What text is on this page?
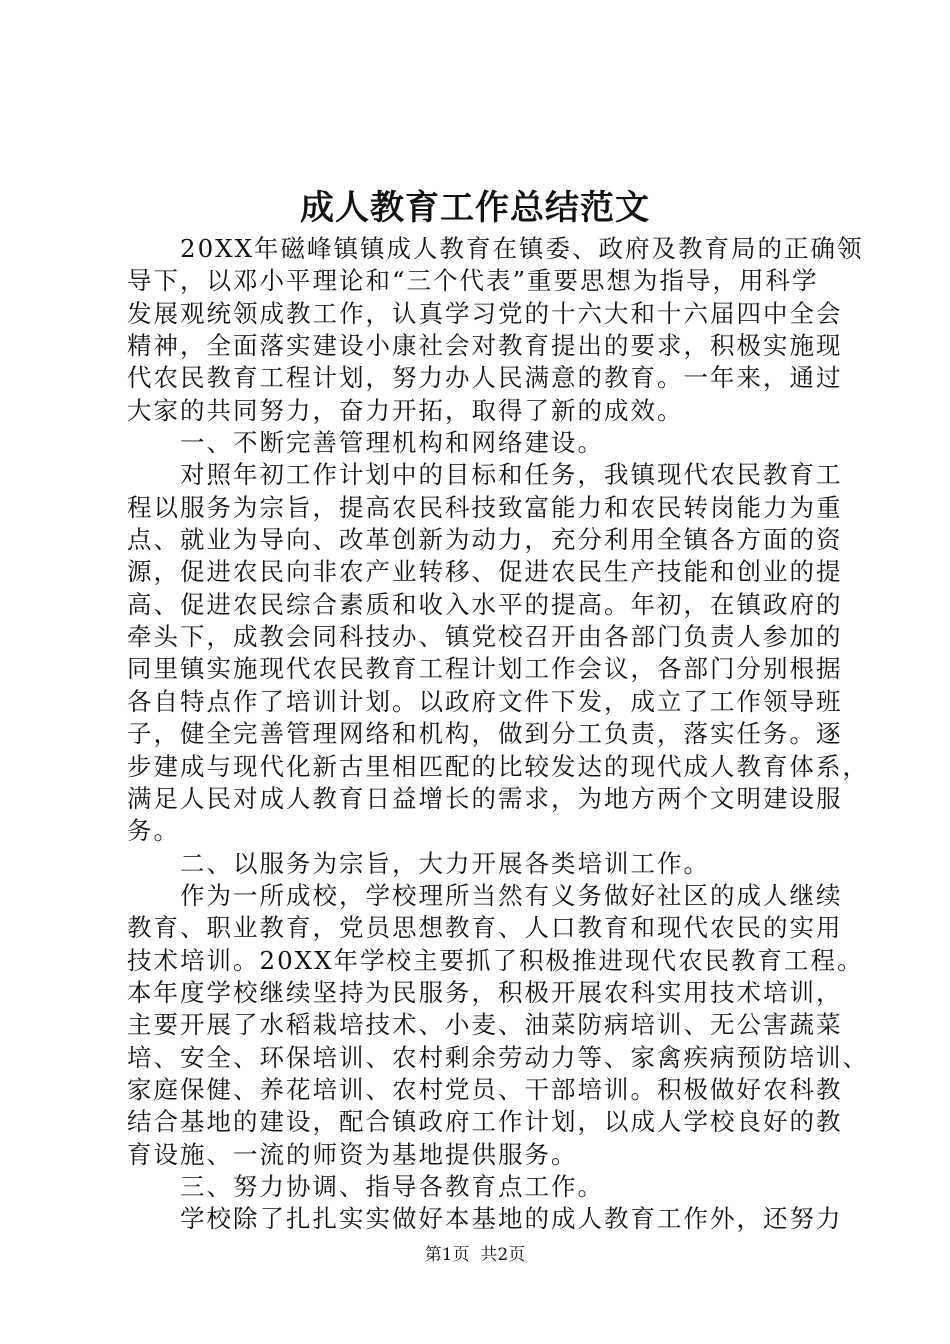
成人教育工作总结范文
　　20XX年磁峰镇镇成人教育在镇委、政府及教育局的正确领
导下，以邓小平理论和“三个代表”重要思想为指导，用科学
发展观统领成教工作，认真学习党的十六大和十六届四中全会
精神，全面落实建设小康社会对教育提出的要求，积极实施现
代农民教育工程计划，努力办人民满意的教育。一年来，通过
大家的共同努力，奋力开拓，取得了新的成效。
　　一、不断完善管理机构和网络建设。
　　对照年初工作计划中的目标和任务，我镇现代农民教育工
程以服务为宗旨，提高农民科技致富能力和农民转岗能力为重
点、就业为导向、改革创新为动力，充分利用全镇各方面的资
源，促进农民向非农产业转移、促进农民生产技能和创业的提
高、促进农民综合素质和收入水平的提高。年初，在镇政府的
牵头下，成教会同科技办、镇党校召开由各部门负责人参加的
同里镇实施现代农民教育工程计划工作会议，各部门分别根据
各自特点作了培训计划。以政府文件下发，成立了工作领导班
子，健全完善管理网络和机构，做到分工负责，落实任务。逐
步建成与现代化新古里相匹配的比较发达的现代成人教育体系，
满足人民对成人教育日益增长的需求，为地方两个文明建设服
务。
　　二、以服务为宗旨，大力开展各类培训工作。
　　作为一所成校，学校理所当然有义务做好社区的成人继续
教育、职业教育，党员思想教育、人口教育和现代农民的实用
技术培训。20XX年学校主要抓了积极推进现代农民教育工程。
本年度学校继续坚持为民服务，积极开展农科实用技术培训，
主要开展了水稻栽培技术、小麦、油菜防病培训、无公害蔬菜
培、安全、环保培训、农村剩余劳动力等、家禽疾病预防培训、
家庭保健、养花培训、农村党员、干部培训。积极做好农科教
结合基地的建设，配合镇政府工作计划，以成人学校良好的教
育设施、一流的师资为基地提供服务。
　　三、努力协调、指导各教育点工作。
　　学校除了扎扎实实做好本基地的成人教育工作外，还努力
第1页  共2页
